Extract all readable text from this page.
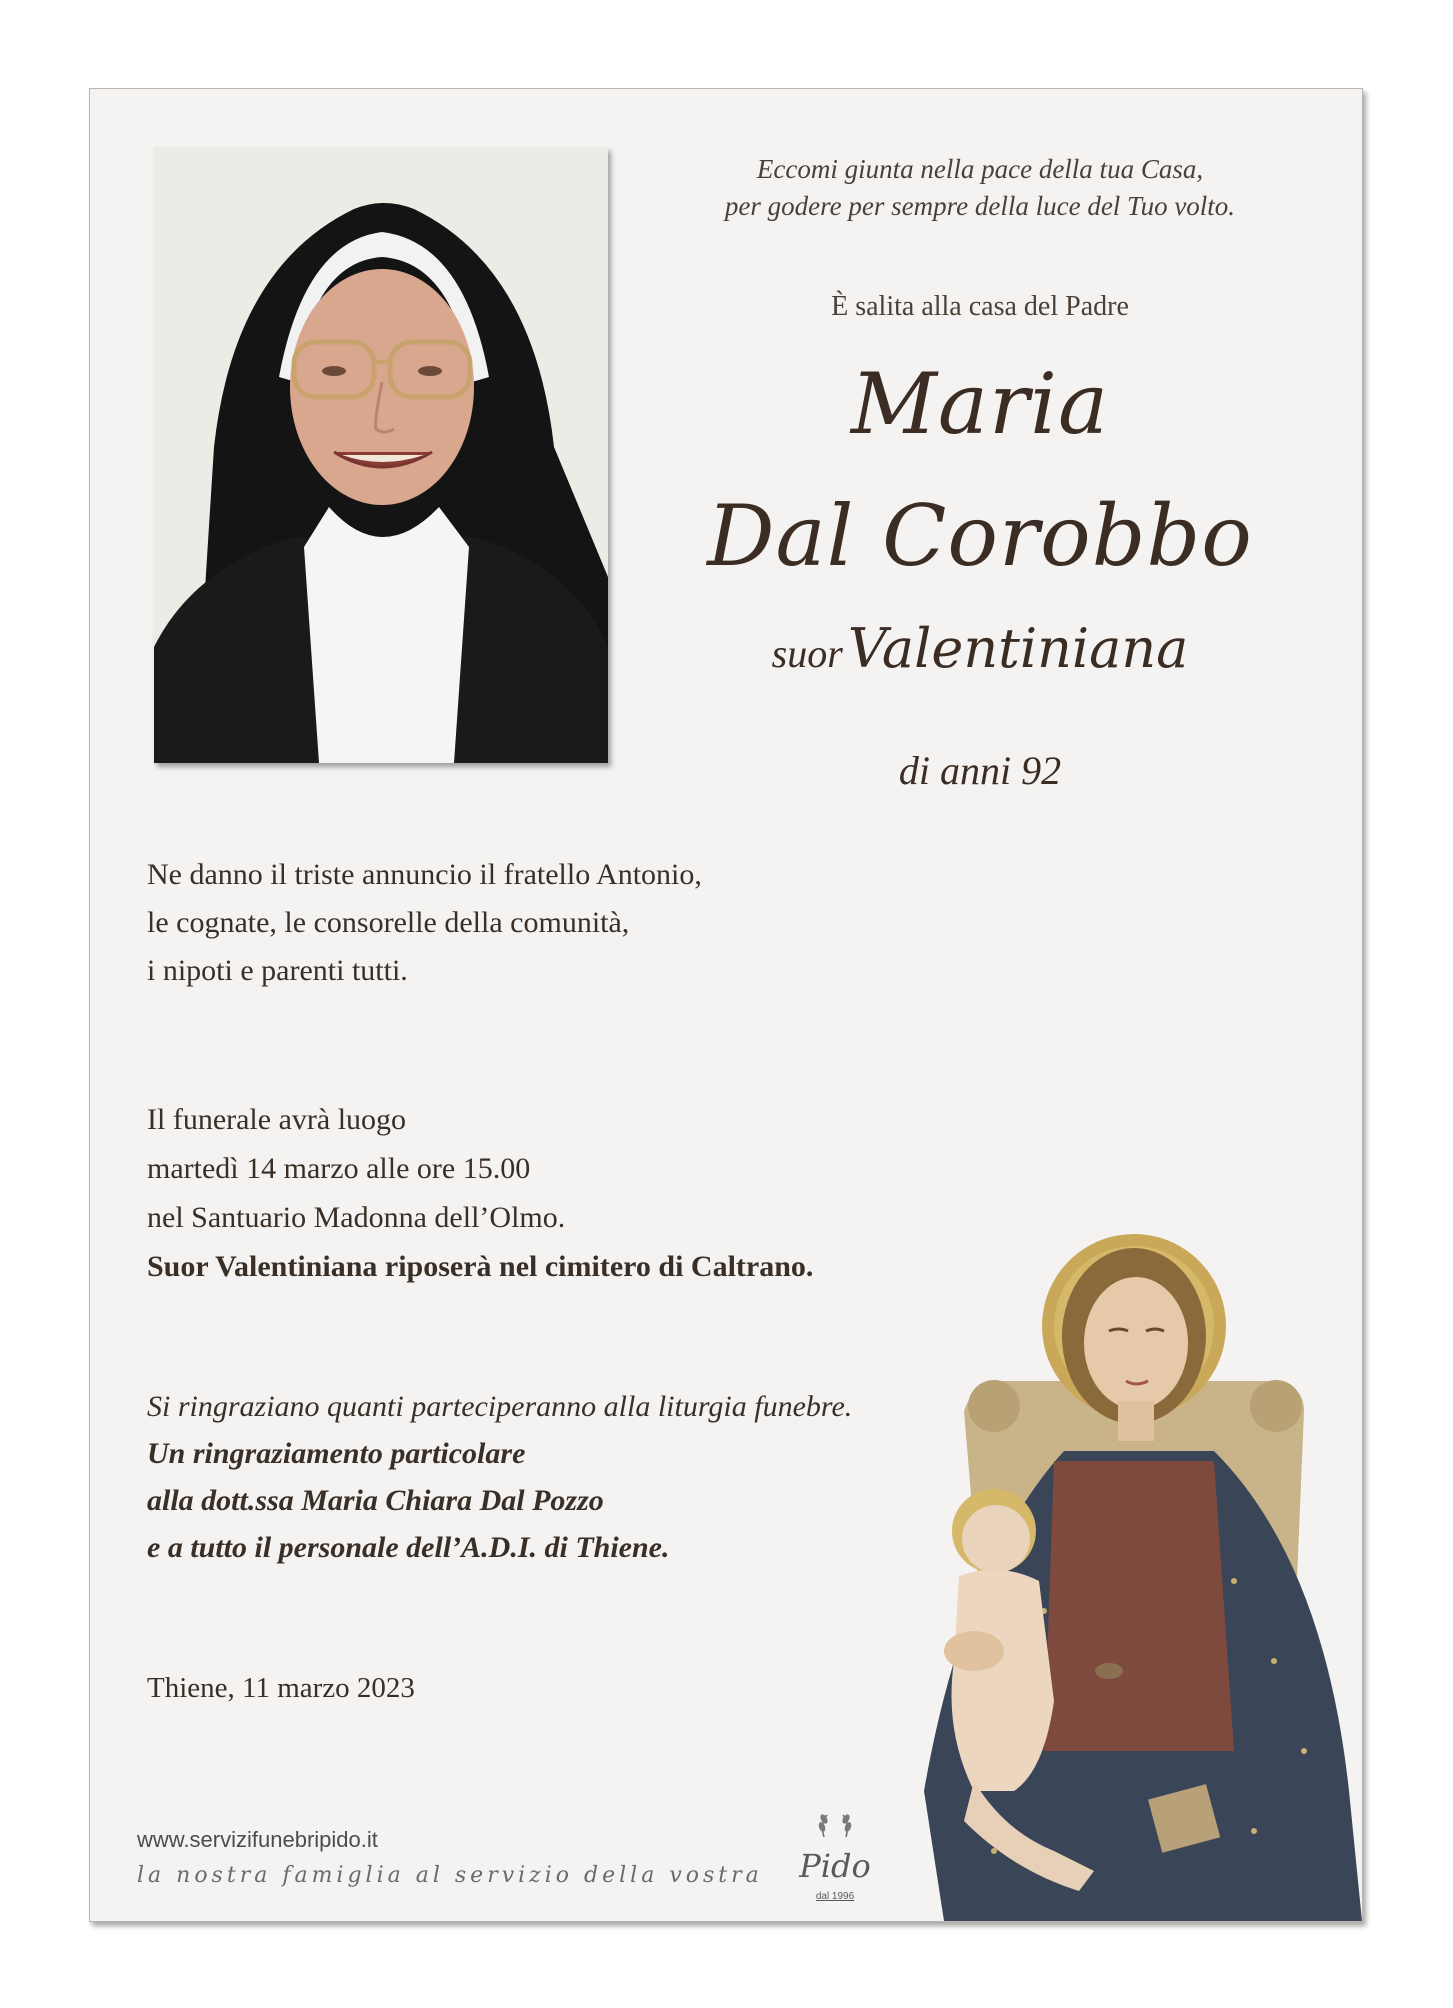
Eccomi giunta nella pace della tua Casa,
per godere per sempre della luce del Tuo volto.
È salita alla casa del Padre
Maria
Dal Corobbo
suor Valentiniana
di anni 92
Ne danno il triste annuncio il fratello Antonio,
le cognate, le consorelle della comunità,
i nipoti e parenti tutti.
Il funerale avrà luogo
martedì 14 marzo alle ore 15.00
nel Santuario Madonna dell’Olmo.
Suor Valentiniana riposerà nel cimitero di Caltrano.
Si ringraziano quanti parteciperanno alla liturgia funebre.
Un ringraziamento particolare
alla dott.ssa Maria Chiara Dal Pozzo
e a tutto il personale dell’A.D.I. di Thiene.
Thiene, 11 marzo 2023
www.servizifunebripido.it
la nostra famiglia al servizio della vostra Pido
dal 1996
